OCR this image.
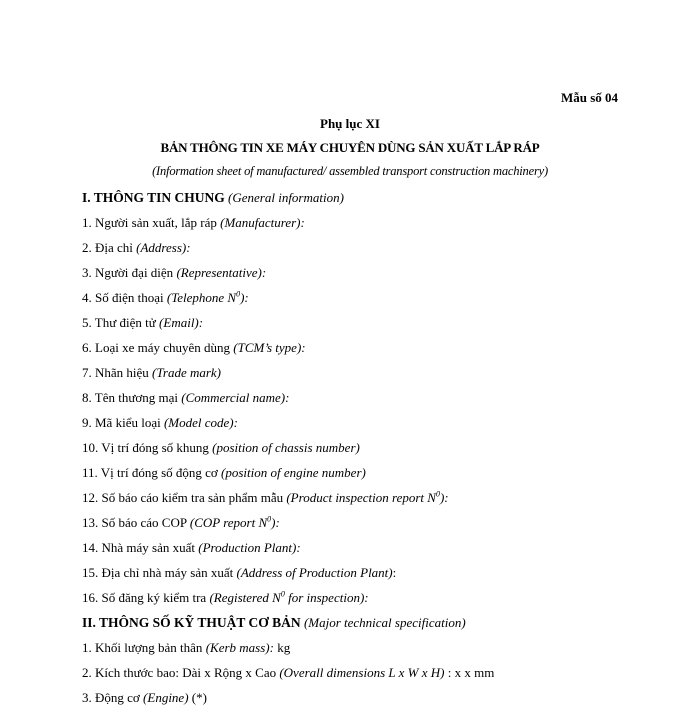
Mẫu số 04
Phụ lục XI
BẢN THÔNG TIN XE MÁY CHUYÊN DÙNG SẢN XUẤT LẮP RÁP
(Information sheet of manufactured/ assembled transport construction machinery)
I. THÔNG TIN CHUNG (General information)
1. Người sản xuất, lắp ráp (Manufacturer):
2. Địa chỉ (Address):
3. Người đại diện (Representative):
4. Số điện thoại (Telephone $N^0$):
5. Thư điện tử (Email):
6. Loại xe máy chuyên dùng (TCM’s type):
7. Nhãn hiệu (Trade mark)
8. Tên thương mại (Commercial name):
9. Mã kiểu loại (Model code):
10. Vị trí đóng số khung (position of chassis number)
11. Vị trí đóng số động cơ (position of engine number)
12. Số báo cáo kiểm tra sản phẩm mẫu (Product inspection report $N^0$):
13. Số báo cáo COP (COP report $N^0$):
14. Nhà máy sản xuất (Production Plant):
15. Địa chỉ nhà máy sản xuất (Address of Production Plant):
16. Số đăng ký kiểm tra (Registered $N^0$ for inspection):
II. THÔNG SỐ KỸ THUẬT CƠ BẢN (Major technical specification)
1. Khối lượng bản thân (Kerb mass): kg
2. Kích thước bao: Dài x Rộng x Cao (Overall dimensions L x W x H) : x x mm
3. Động cơ (Engine) (*)
